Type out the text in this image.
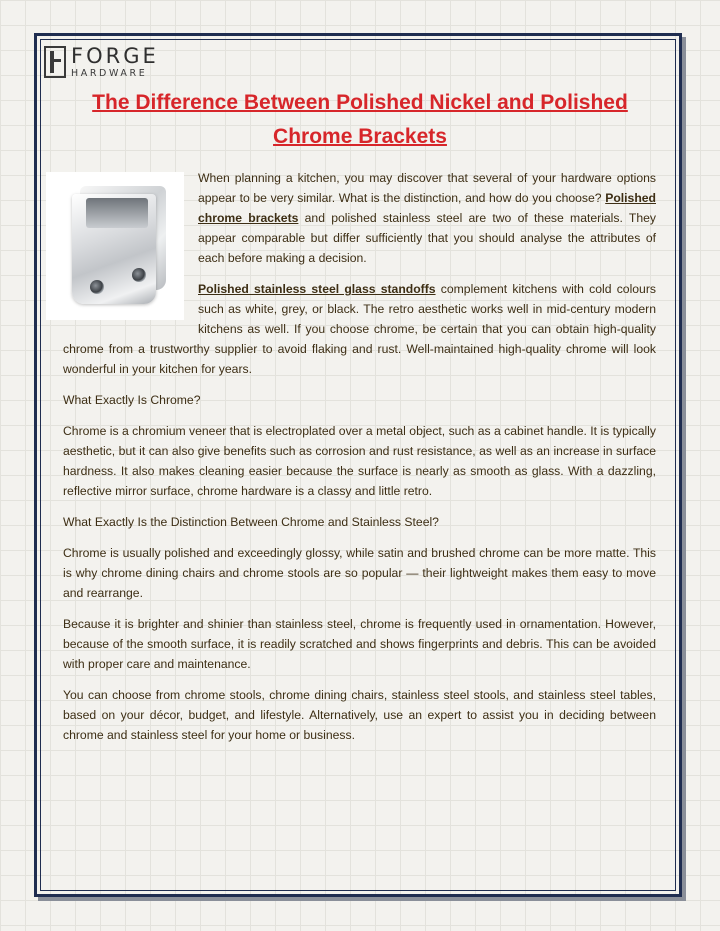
FORGE
HARDWARE
The Difference Between Polished Nickel and Polished Chrome Brackets

When planning a kitchen, you may discover that several of your hardware options appear to be very similar. What is the distinction, and how do you choose? Polished chrome brackets and polished stainless steel are two of these materials. They appear comparable but differ sufficiently that you should analyse the attributes of each before making a decision.

Polished stainless steel glass standoffs complement kitchens with cold colours such as white, grey, or black. The retro aesthetic works well in mid-century modern kitchens as well. If you choose chrome, be certain that you can obtain high-quality chrome from a trustworthy supplier to avoid flaking and rust. Well-maintained high-quality chrome will look wonderful in your kitchen for years.

What Exactly Is Chrome?

Chrome is a chromium veneer that is electroplated over a metal object, such as a cabinet handle. It is typically aesthetic, but it can also give benefits such as corrosion and rust resistance, as well as an increase in surface hardness. It also makes cleaning easier because the surface is nearly as smooth as glass. With a dazzling, reflective mirror surface, chrome hardware is a classy and little retro.

What Exactly Is the Distinction Between Chrome and Stainless Steel?

Chrome is usually polished and exceedingly glossy, while satin and brushed chrome can be more matte. This is why chrome dining chairs and chrome stools are so popular — their lightweight makes them easy to move and rearrange.

Because it is brighter and shinier than stainless steel, chrome is frequently used in ornamentation. However, because of the smooth surface, it is readily scratched and shows fingerprints and debris. This can be avoided with proper care and maintenance.

You can choose from chrome stools, chrome dining chairs, stainless steel stools, and stainless steel tables, based on your décor, budget, and lifestyle. Alternatively, use an expert to assist you in deciding between chrome and stainless steel for your home or business.
